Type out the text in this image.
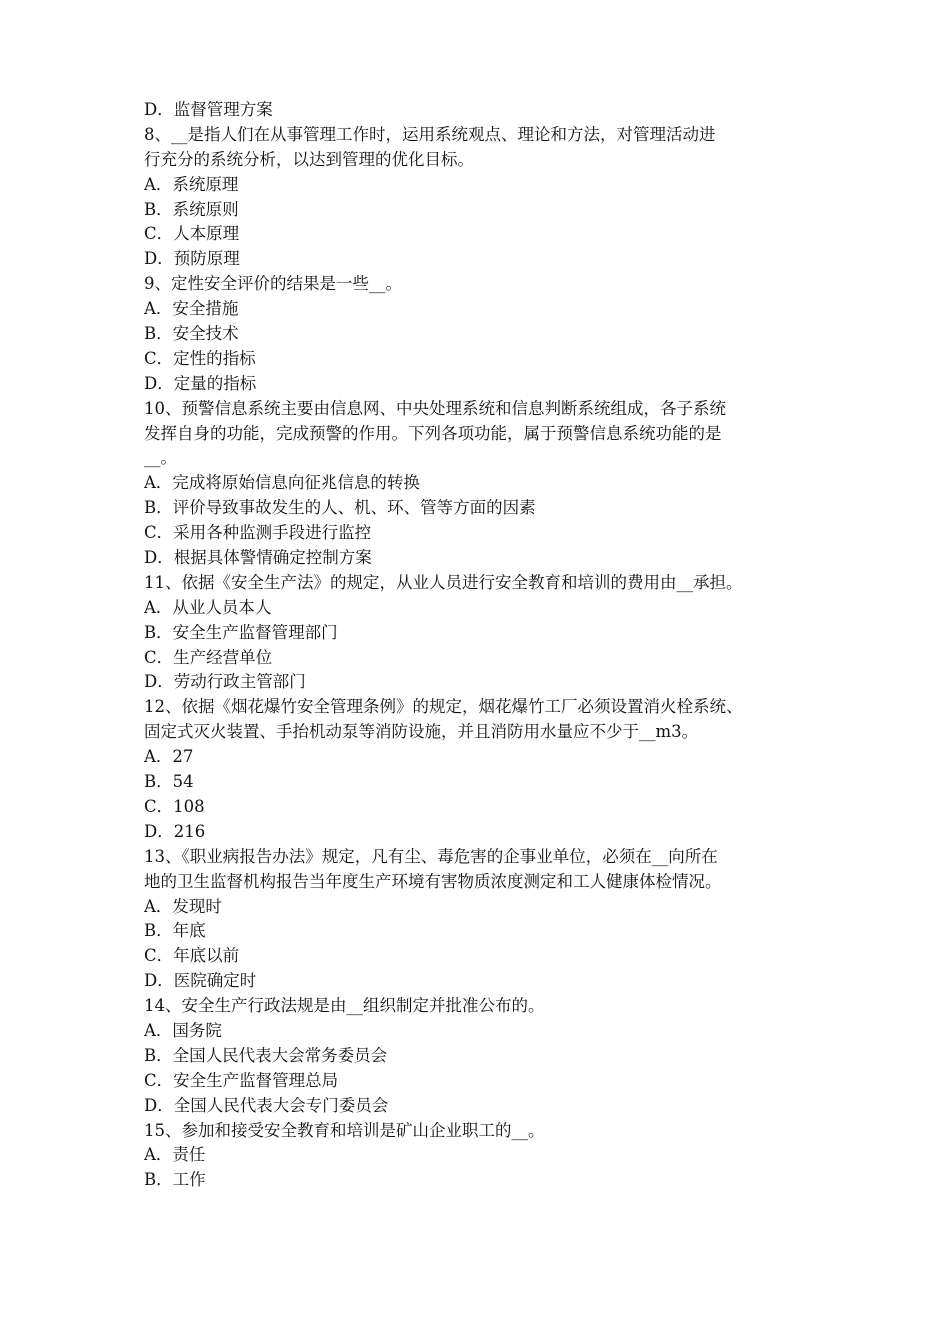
D．监督管理方案
8、__是指人们在从事管理工作时，运用系统观点、理论和方法，对管理活动进
行充分的系统分析，以达到管理的优化目标。
A．系统原理
B．系统原则
C．人本原理
D．预防原理
9、定性安全评价的结果是一些__。
A．安全措施
B．安全技术
C．定性的指标
D．定量的指标
10、预警信息系统主要由信息网、中央处理系统和信息判断系统组成，各子系统
发挥自身的功能，完成预警的作用。下列各项功能，属于预警信息系统功能的是
__。
A．完成将原始信息向征兆信息的转换
B．评价导致事故发生的人、机、环、管等方面的因素
C．采用各种监测手段进行监控
D．根据具体警情确定控制方案
11、依据《安全生产法》的规定，从业人员进行安全教育和培训的费用由__承担。
A．从业人员本人
B．安全生产监督管理部门
C．生产经营单位
D．劳动行政主管部门
12、依据《烟花爆竹安全管理条例》的规定，烟花爆竹工厂必须设置消火栓系统、
固定式灭火装置、手抬机动泵等消防设施，并且消防用水量应不少于__m3。
A．27
B．54
C．108
D．216
13、《职业病报告办法》规定，凡有尘、毒危害的企事业单位，必须在__向所在
地的卫生监督机构报告当年度生产环境有害物质浓度测定和工人健康体检情况。
A．发现时
B．年底
C．年底以前
D．医院确定时
14、安全生产行政法规是由__组织制定并批准公布的。
A．国务院
B．全国人民代表大会常务委员会
C．安全生产监督管理总局
D．全国人民代表大会专门委员会
15、参加和接受安全教育和培训是矿山企业职工的__。
A．责任
B．工作
